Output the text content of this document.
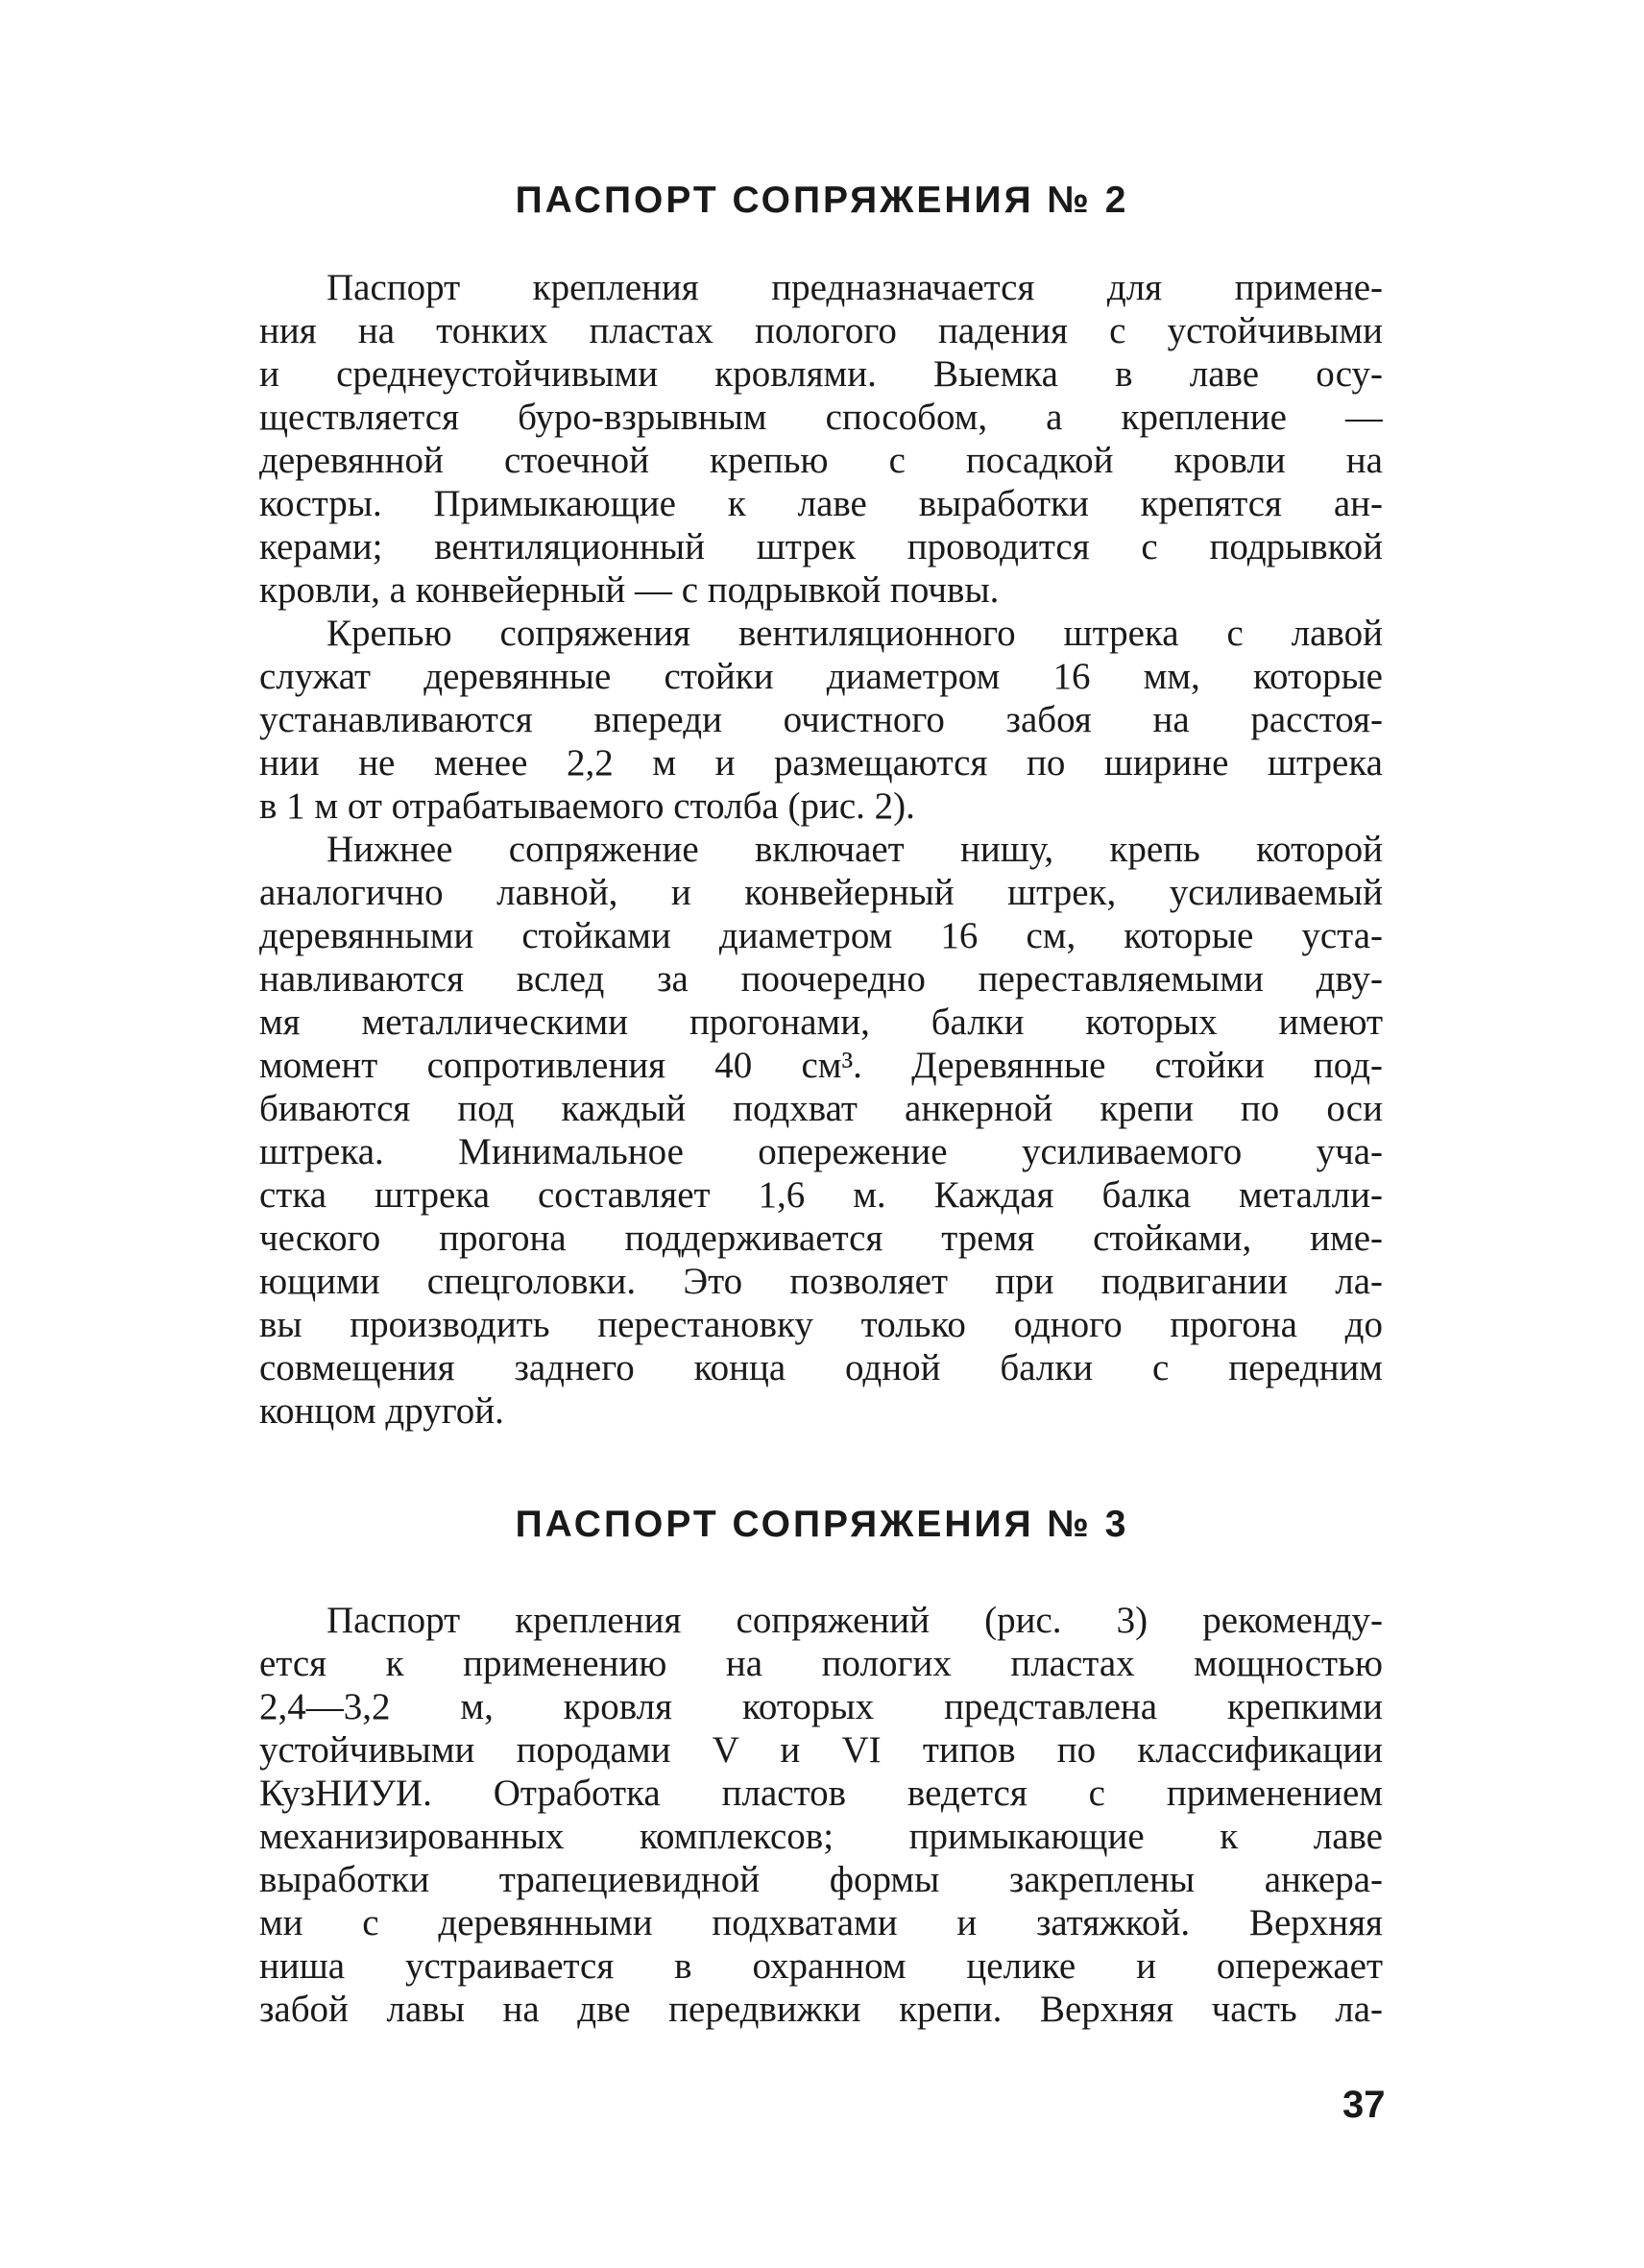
ПАСПОРТ СОПРЯЖЕНИЯ № 2
Паспорт крепления предназначается для примене-
ния на тонких пластах пологого падения с устойчивыми
и среднеустойчивыми кровлями. Выемка в лаве осу-
ществляется буро-взрывным способом, а крепление —
деревянной стоечной крепью с посадкой кровли на
костры. Примыкающие к лаве выработки крепятся ан-
керами; вентиляционный штрек проводится с подрывкой
кровли, а конвейерный — с подрывкой почвы.
Крепью сопряжения вентиляционного штрека с лавой
служат деревянные стойки диаметром 16 мм, которые
устанавливаются впереди очистного забоя на расстоя-
нии не менее 2,2 м и размещаются по ширине штрека
в 1 м от отрабатываемого столба (рис. 2).
Нижнее сопряжение включает нишу, крепь которой
аналогично лавной, и конвейерный штрек, усиливаемый
деревянными стойками диаметром 16 см, которые уста-
навливаются вслед за поочередно переставляемыми дву-
мя металлическими прогонами, балки которых имеют
момент сопротивления 40 см³. Деревянные стойки под-
биваются под каждый подхват анкерной крепи по оси
штрека. Минимальное опережение усиливаемого уча-
стка штрека составляет 1,6 м. Каждая балка металли-
ческого прогона поддерживается тремя стойками, име-
ющими спецголовки. Это позволяет при подвигании ла-
вы производить перестановку только одного прогона до
совмещения заднего конца одной балки с передним
концом другой.
ПАСПОРТ СОПРЯЖЕНИЯ № 3
Паспорт крепления сопряжений (рис. 3) рекоменду-
ется к применению на пологих пластах мощностью
2,4—3,2 м, кровля которых представлена крепкими
устойчивыми породами V и VI типов по классификации
КузНИУИ. Отработка пластов ведется с применением
механизированных комплексов; примыкающие к лаве
выработки трапециевидной формы закреплены анкера-
ми с деревянными подхватами и затяжкой. Верхняя
ниша устраивается в охранном целике и опережает
забой лавы на две передвижки крепи. Верхняя часть ла-

37
